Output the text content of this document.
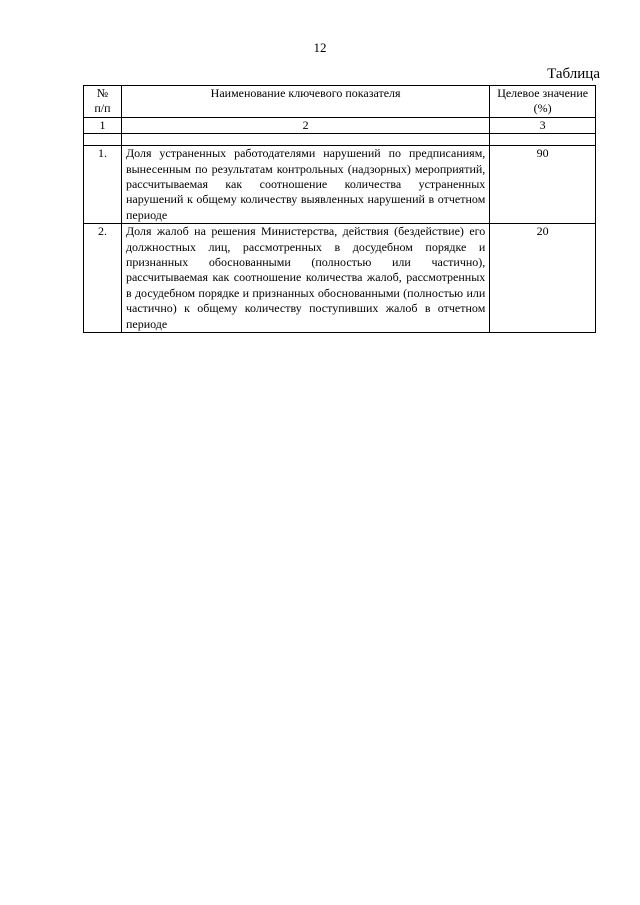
12
Таблица
№ п/п	Наименование ключевого показателя	Целевое значение (%)

1	2	3

1.	Доля устраненных работодателями нарушений по предписаниям, вынесенным по результатам контрольных (надзорных) мероприятий, рассчитываемая как соотношение количества устраненных нарушений к общему количеству выявленных нарушений в отчетном периоде	90
2.	Доля жалоб на решения Министерства, действия (бездействие) его должностных лиц, рассмотренных в досудебном порядке и признанных обоснованными (полностью или частично), рассчитываемая как соотношение количества жалоб, рассмотренных в досудебном порядке и признанных обоснованными (полностью или частично) к общему количеству поступивших жалоб в отчетном периоде	20
